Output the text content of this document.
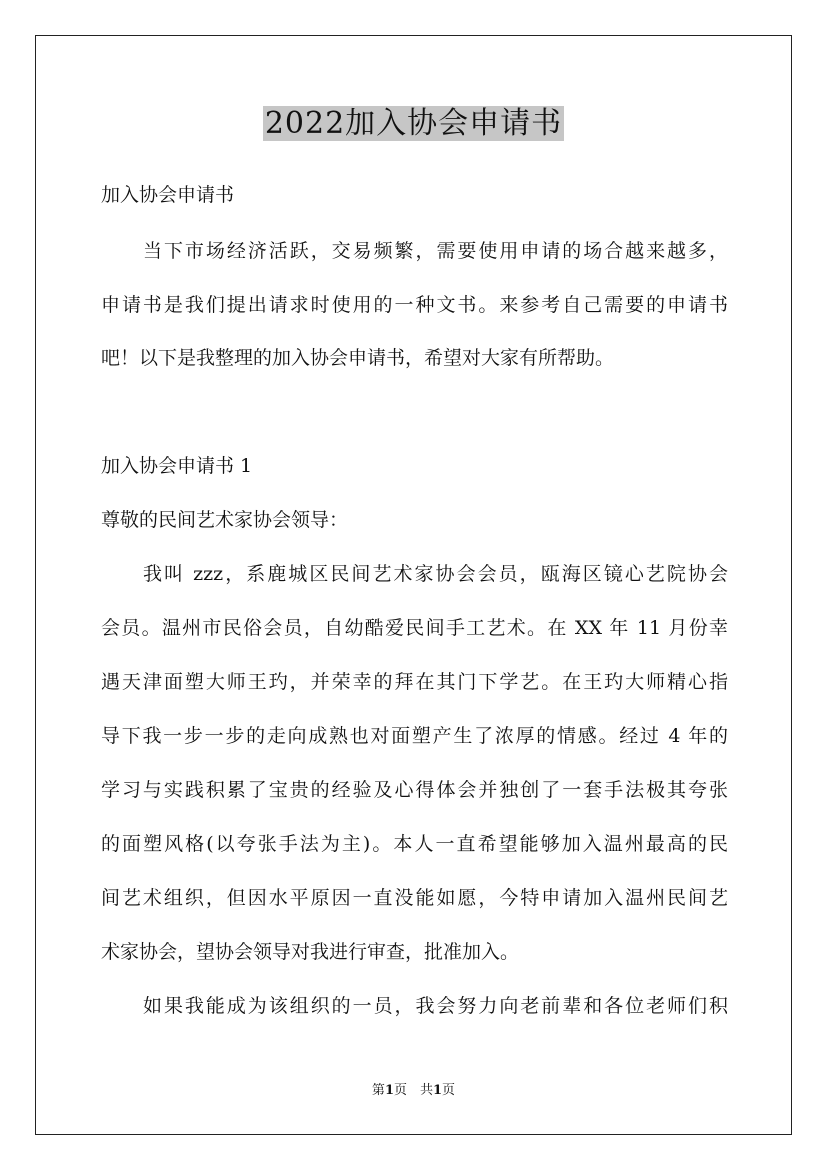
2022加入协会申请书

加入协会申请书

当下市场经济活跃，交易频繁，需要使用申请的场合越来越多，

申请书是我们提出请求时使用的一种文书。来参考自己需要的申请书

吧！以下是我整理的加入协会申请书，希望对大家有所帮助。

加入协会申请书 1

尊敬的民间艺术家协会领导：

我叫 zzz，系鹿城区民间艺术家协会会员，瓯海区镜心艺院协会

会员。温州市民俗会员，自幼酷爱民间手工艺术。在 XX 年 11 月份幸

遇天津面塑大师王玓，并荣幸的拜在其门下学艺。在王玓大师精心指

导下我一步一步的走向成熟也对面塑产生了浓厚的情感。经过 4 年的

学习与实践积累了宝贵的经验及心得体会并独创了一套手法极其夸张

的面塑风格(以夸张手法为主)。本人一直希望能够加入温州最高的民

间艺术组织，但因水平原因一直没能如愿，今特申请加入温州民间艺

术家协会，望协会领导对我进行审查，批准加入。

如果我能成为该组织的一员，我会努力向老前辈和各位老师们积

第1页　共1页
